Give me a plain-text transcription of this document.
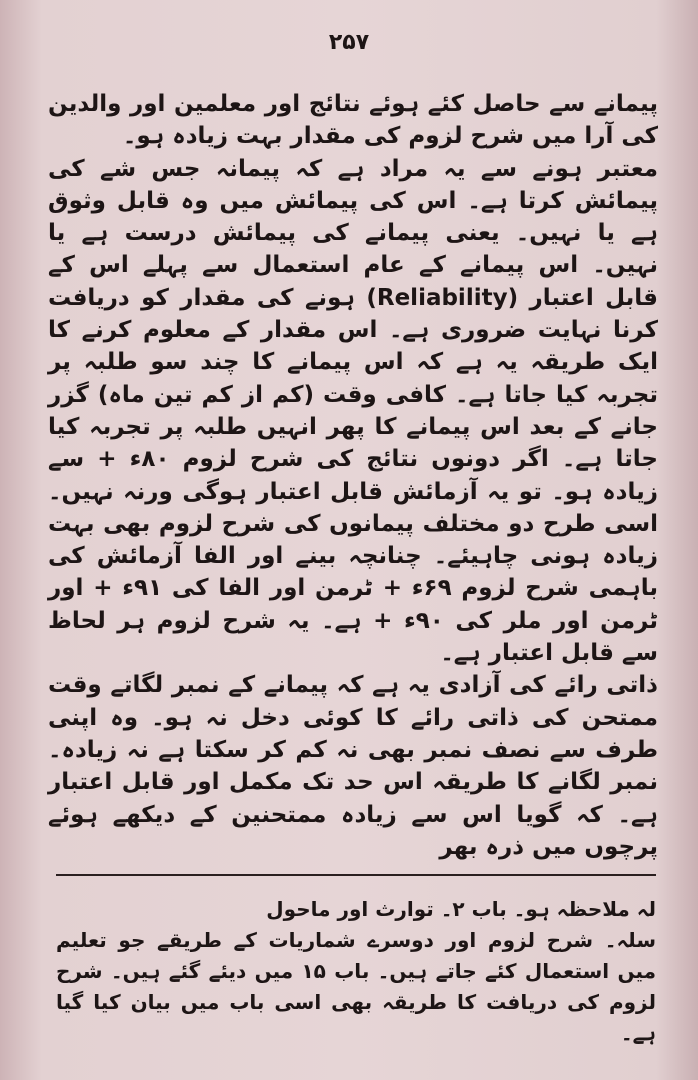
۲۵۷

پیمانے سے حاصل کئے ہوئے نتائج اور معلمین اور والدین کی آرا میں شرح لزوم کی مقدار بہت زیادہ ہو۔

معتبر ہونے سے یہ مراد ہے کہ پیمانہ جس شے کی پیمائش کرتا ہے۔ اس کی پیمائش میں وہ قابل وثوق ہے یا نہیں۔ یعنی پیمانے کی پیمائش درست ہے یا نہیں۔ اس پیمانے کے عام استعمال سے پہلے اس کے قابل اعتبار (Reliability) ہونے کی مقدار کو دریافت کرنا نہایت ضروری ہے۔ اس مقدار کے معلوم کرنے کا ایک طریقہ یہ ہے کہ اس پیمانے کا چند سو طلبہ پر تجربہ کیا جاتا ہے۔ کافی وقت (کم از کم تین ماہ) گزر جانے کے بعد اس پیمانے کا پھر انہیں طلبہ پر تجربہ کیا جاتا ہے۔ اگر دونوں نتائج کی شرح لزوم ۸۰ء + سے زیادہ ہو۔ تو یہ آزمائش قابل اعتبار ہوگی ورنہ نہیں۔ اسی طرح دو مختلف پیمانوں کی شرح لزوم بھی بہت زیادہ ہونی چاہیئے۔ چنانچہ بینے اور الفا آزمائش کی باہمی شرح لزوم ۶۹ء + ٹرمن اور الفا کی ۹۱ء + اور ٹرمن اور ملر کی ۹۰ء + ہے۔ یہ شرح لزوم ہر لحاظ سے قابل اعتبار ہے۔

ذاتی رائے کی آزادی یہ ہے کہ پیمانے کے نمبر لگاتے وقت ممتحن کی ذاتی رائے کا کوئی دخل نہ ہو۔ وہ اپنی طرف سے نصف نمبر بھی نہ کم کر سکتا ہے نہ زیادہ۔ نمبر لگانے کا طریقہ اس حد تک مکمل اور قابل اعتبار ہے۔ کہ گویا اس سے زیادہ ممتحنین کے دیکھے ہوئے پرچوں میں ذرہ بھر

لہ ملاحظہ ہو۔ باب ۲۔ توارث اور ماحول

سلہ۔ شرح لزوم اور دوسرے شماریات کے طریقے جو تعلیم میں استعمال کئے جاتے ہیں۔ باب ۱۵ میں دیئے گئے ہیں۔ شرح لزوم کی دریافت کا طریقہ بھی اسی باب میں بیان کیا گیا ہے۔
